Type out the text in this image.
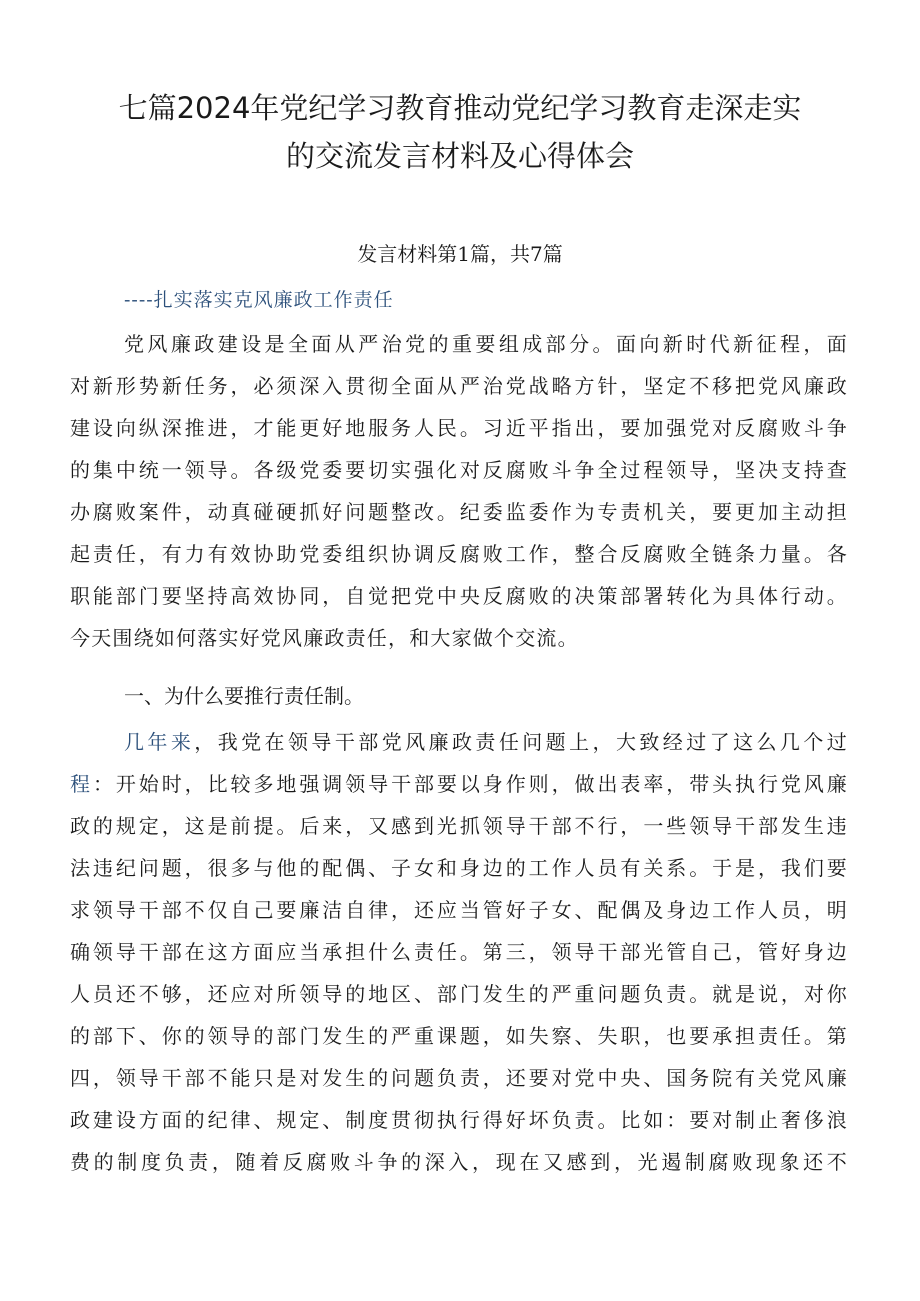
七篇2024年党纪学习教育推动党纪学习教育走深走实
的交流发言材料及心得体会
发言材料第1篇，共7篇
----扎实落实克风廉政工作责任
党风廉政建设是全面从严治党的重要组成部分。面向新时代新征程，面
对新形势新任务，必须深入贯彻全面从严治党战略方针，坚定不移把党风廉政
建设向纵深推进，才能更好地服务人民。习近平指出，要加强党对反腐败斗争
的集中统一领导。各级党委要切实强化对反腐败斗争全过程领导，坚决支持查
办腐败案件，动真碰硬抓好问题整改。纪委监委作为专责机关，要更加主动担
起责任，有力有效协助党委组织协调反腐败工作，整合反腐败全链条力量。各
职能部门要坚持高效协同，自觉把党中央反腐败的决策部署转化为具体行动。
今天围绕如何落实好党风廉政责任，和大家做个交流。
一、为什么要推行责任制。
几年来，我党在领导干部党风廉政责任问题上，大致经过了这么几个过
程：开始时，比较多地强调领导干部要以身作则，做出表率，带头执行党风廉
政的规定，这是前提。后来，又感到光抓领导干部不行，一些领导干部发生违
法违纪问题，很多与他的配偶、子女和身边的工作人员有关系。于是，我们要
求领导干部不仅自己要廉洁自律，还应当管好子女、配偶及身边工作人员，明
确领导干部在这方面应当承担什么责任。第三，领导干部光管自己，管好身边
人员还不够，还应对所领导的地区、部门发生的严重问题负责。就是说，对你
的部下、你的领导的部门发生的严重课题，如失察、失职，也要承担责任。第
四，领导干部不能只是对发生的问题负责，还要对党中央、国务院有关党风廉
政建设方面的纪律、规定、制度贯彻执行得好坏负责。比如：要对制止奢侈浪
费的制度负责，随着反腐败斗争的深入，现在又感到，光遏制腐败现象还不
